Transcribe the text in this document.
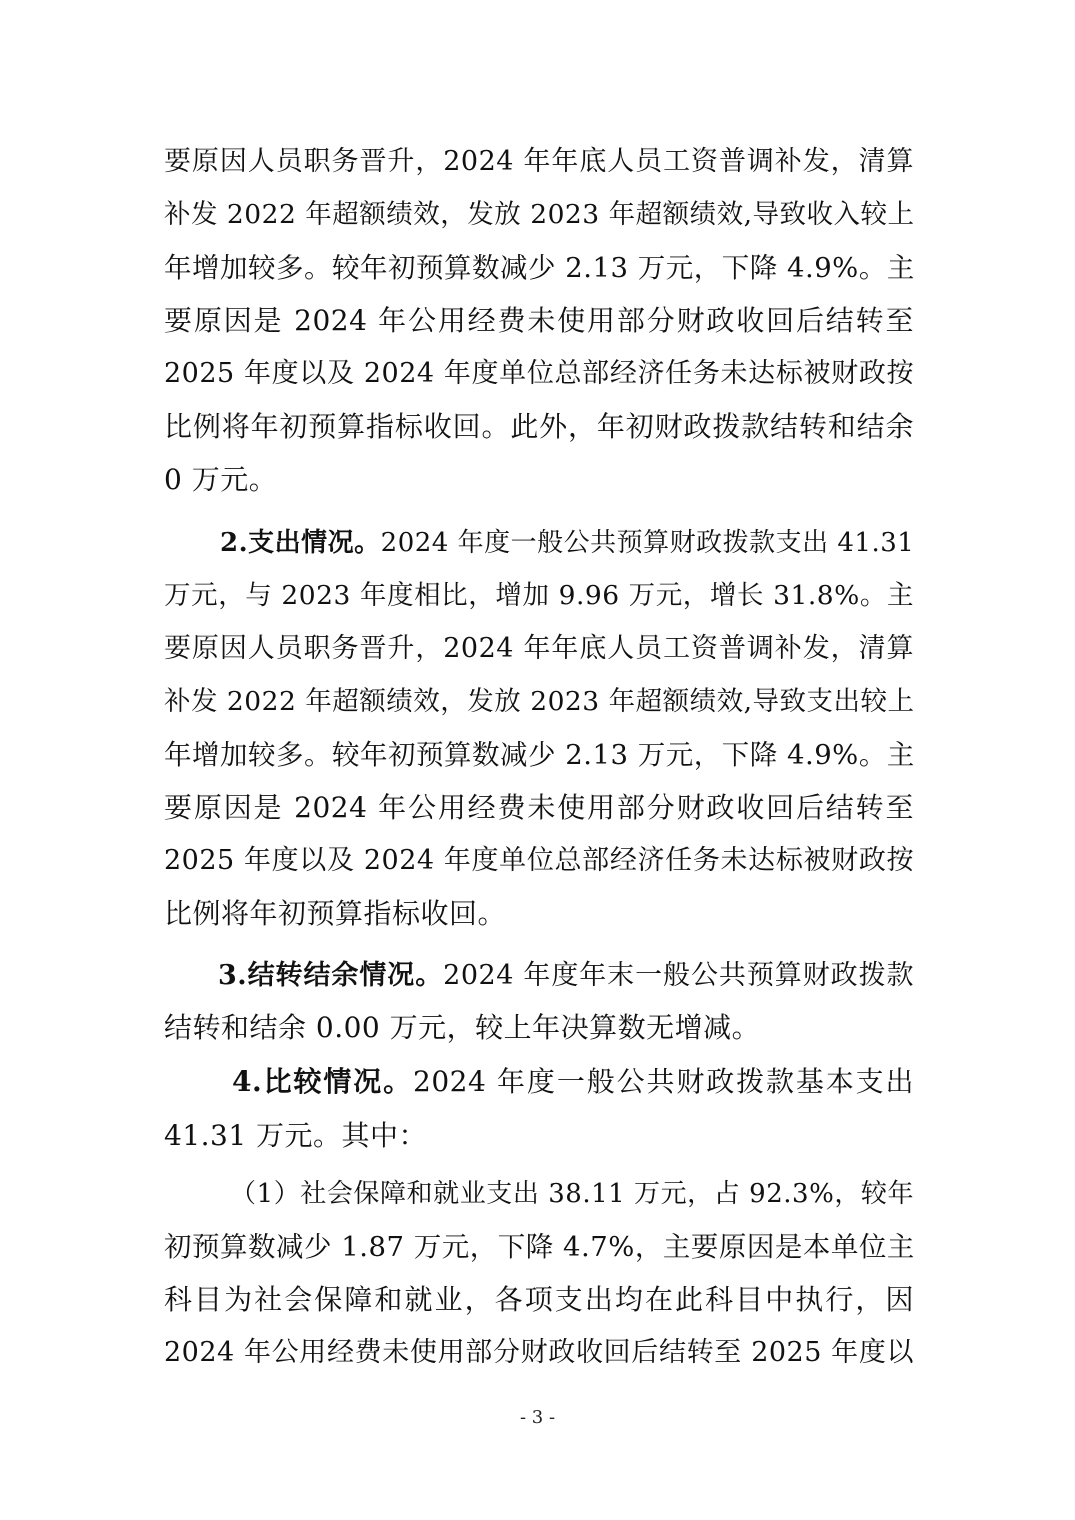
要原因人员职务晋升，2024 年年底人员工资普调补发，清算
补发 2022 年超额绩效，发放 2023 年超额绩效,导致收入较上
年增加较多。较年初预算数减少 2.13 万元，下降 4.9%。主
要原因是 2024 年公用经费未使用部分财政收回后结转至
2025 年度以及 2024 年度单位总部经济任务未达标被财政按
比例将年初预算指标收回。此外，年初财政拨款结转和结余
0 万元。
2.支出情况。2024 年度一般公共预算财政拨款支出 41.31
万元，与 2023 年度相比，增加 9.96 万元，增长 31.8%。主
要原因人员职务晋升，2024 年年底人员工资普调补发，清算
补发 2022 年超额绩效，发放 2023 年超额绩效,导致支出较上
年增加较多。较年初预算数减少 2.13 万元，下降 4.9%。主
要原因是 2024 年公用经费未使用部分财政收回后结转至
2025 年度以及 2024 年度单位总部经济任务未达标被财政按
比例将年初预算指标收回。
3.结转结余情况。2024 年度年末一般公共预算财政拨款
结转和结余 0.00 万元，较上年决算数无增减。
4.比较情况。2024 年度一般公共财政拨款基本支出
41.31 万元。其中：
（1）社会保障和就业支出 38.11 万元，占 92.3%，较年
初预算数减少 1.87 万元，下降 4.7%，主要原因是本单位主
科目为社会保障和就业，各项支出均在此科目中执行，因
2024 年公用经费未使用部分财政收回后结转至 2025 年度以
- 3 -
